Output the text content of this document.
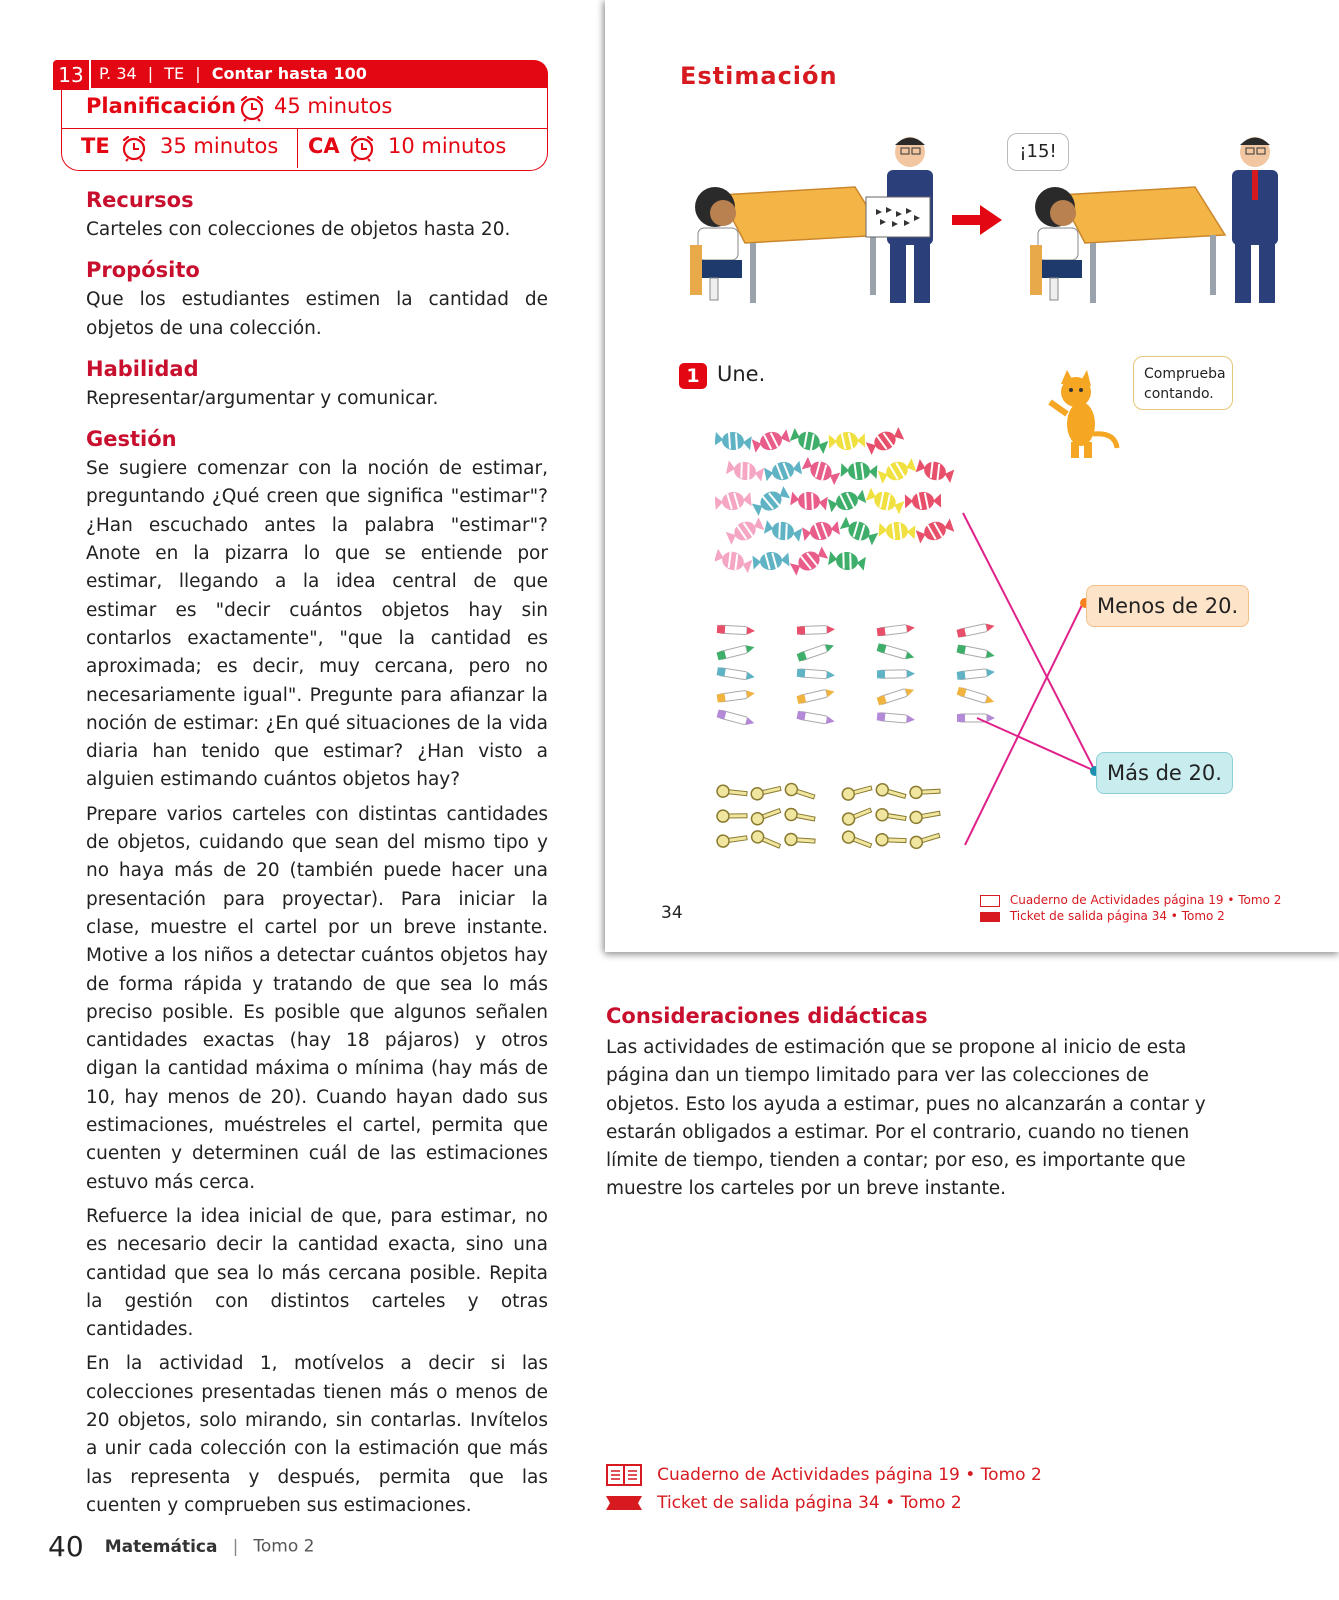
13 P. 34 | TE | Contar hasta 100
Planificación 45 minutos
TE 35 minutos CA 10 minutos
Recursos
Carteles con colecciones de objetos hasta 20.
Propósito
Que los estudiantes estimen la cantidad de objetos de una colección.
Habilidad
Representar/argumentar y comunicar.
Gestión
Se sugiere comenzar con la noción de estimar, preguntando ¿Qué creen que significa "estimar"? ¿Han escuchado antes la palabra "estimar"? Anote en la pizarra lo que se entiende por estimar, llegando a la idea central de que estimar es "decir cuántos objetos hay sin contarlos exactamente", "que la cantidad es aproximada; es decir, muy cercana, pero no necesariamente igual". Pregunte para afianzar la noción de estimar: ¿En qué situaciones de la vida diaria han tenido que estimar? ¿Han visto a alguien estimando cuántos objetos hay?
Prepare varios carteles con distintas cantidades de objetos, cuidando que sean del mismo tipo y no haya más de 20 (también puede hacer una presentación para proyectar). Para iniciar la clase, muestre el cartel por un breve instante. Motive a los niños a detectar cuántos objetos hay de forma rápida y tratando de que sea lo más preciso posible. Es posible que algunos señalen cantidades exactas (hay 18 pájaros) y otros digan la cantidad máxima o mínima (hay más de 10, hay menos de 20). Cuando hayan dado sus estimaciones, muéstreles el cartel, permita que cuenten y determinen cuál de las estimaciones estuvo más cerca.
Refuerce la idea inicial de que, para estimar, no es necesario decir la cantidad exacta, sino una cantidad que sea lo más cercana posible. Repita la gestión con distintos carteles y otras cantidades.
En la actividad 1, motívelos a decir si las colecciones presentadas tienen más o menos de 20 objetos, solo mirando, sin contarlas. Invítelos a unir cada colección con la estimación que más las representa y después, permita que las cuenten y comprueben sus estimaciones.
40 Matemática | Tomo 2
Estimación
¡15!
1 Une.	Comprueba
contando.
Menos de 20.
Más de 20.
34
Cuaderno de Actividades página 19 • Tomo 2
Ticket de salida página 34 • Tomo 2
Consideraciones didácticas
Las actividades de estimación que se propone al inicio de esta página dan un tiempo limitado para ver las colecciones de objetos. Esto los ayuda a estimar, pues no alcanzarán a contar y estarán obligados a estimar. Por el contrario, cuando no tienen límite de tiempo, tienden a contar; por eso, es importante que muestre los carteles por un breve instante.
Cuaderno de Actividades página 19 • Tomo 2
Ticket de salida página 34 • Tomo 2
